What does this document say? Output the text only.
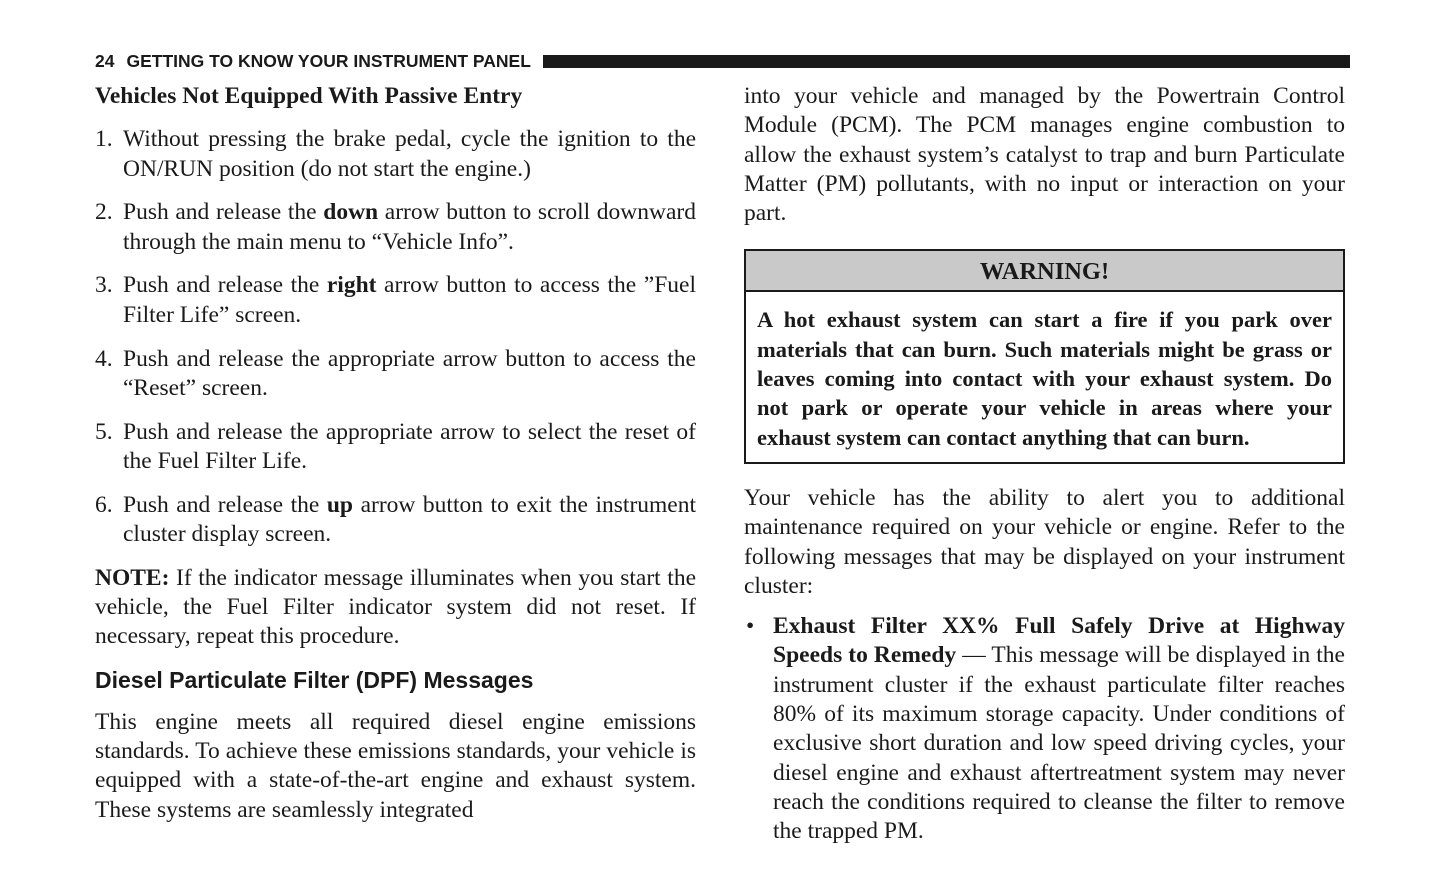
24 GETTING TO KNOW YOUR INSTRUMENT PANEL

Vehicles Not Equipped With Passive Entry

1. Without pressing the brake pedal, cycle the ignition to the ON/RUN position (do not start the engine.)
2. Push and release the down arrow button to scroll downward through the main menu to “Vehicle Info”.
3. Push and release the right arrow button to access the ”Fuel Filter Life” screen.
4. Push and release the appropriate arrow button to access the “Reset” screen.
5. Push and release the appropriate arrow to select the reset of the Fuel Filter Life.
6. Push and release the up arrow button to exit the instrument cluster display screen.

NOTE: If the indicator message illuminates when you start the vehicle, the Fuel Filter indicator system did not reset. If necessary, repeat this procedure.

Diesel Particulate Filter (DPF) Messages

This engine meets all required diesel engine emissions standards. To achieve these emissions standards, your vehicle is equipped with a state-of-the-art engine and exhaust system. These systems are seamlessly integrated

into your vehicle and managed by the Powertrain Control Module (PCM). The PCM manages engine combustion to allow the exhaust system’s catalyst to trap and burn Particulate Matter (PM) pollutants, with no input or interaction on your part.

WARNING!
A hot exhaust system can start a fire if you park over materials that can burn. Such materials might be grass or leaves coming into contact with your exhaust system. Do not park or operate your vehicle in areas where your exhaust system can contact anything that can burn.

Your vehicle has the ability to alert you to additional maintenance required on your vehicle or engine. Refer to the following messages that may be displayed on your instrument cluster:

• Exhaust Filter XX% Full Safely Drive at Highway Speeds to Remedy — This message will be displayed in the instrument cluster if the exhaust particulate filter reaches 80% of its maximum storage capacity. Under conditions of exclusive short duration and low speed driving cycles, your diesel engine and exhaust aftertreatment system may never reach the conditions required to cleanse the filter to remove the trapped PM.
